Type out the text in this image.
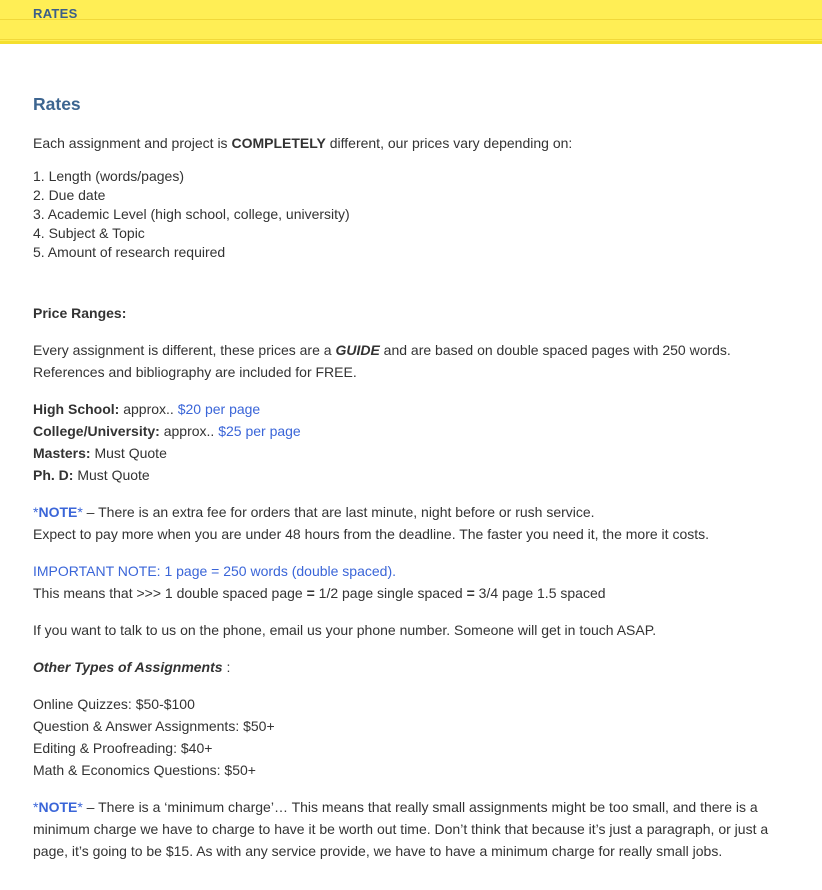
RATES
Rates

Each assignment and project is COMPLETELY different, our prices vary depending on:

1. Length (words/pages)

2. Due date

3. Academic Level (high school, college, university)

4. Subject & Topic

5. Amount of research required

Price Ranges:

Every assignment is different, these prices are a GUIDE and are based on double spaced pages with 250 words.

References and bibliography are included for FREE.

High School: approx.. $20 per page

College/University: approx.. $25 per page

Masters: Must Quote

Ph. D: Must Quote

*NOTE* – There is an extra fee for orders that are last minute, night before or rush service.

Expect to pay more when you are under 48 hours from the deadline. The faster you need it, the more it costs.

IMPORTANT NOTE: 1 page = 250 words (double spaced).

This means that >>> 1 double spaced page = 1/2 page single spaced = 3/4 page 1.5 spaced

If you want to talk to us on the phone, email us your phone number. Someone will get in touch ASAP.

Other Types of Assignments :

Online Quizzes: $50-$100

Question & Answer Assignments: $50+

Editing & Proofreading: $40+

Math & Economics Questions: $50+

*NOTE* – There is a ‘minimum charge’… This means that really small assignments might be too small, and there is a

minimum charge we have to charge to have it be worth out time. Don’t think that because it’s just a paragraph, or just a

page, it’s going to be $15. As with any service provide, we have to have a minimum charge for really small jobs.
